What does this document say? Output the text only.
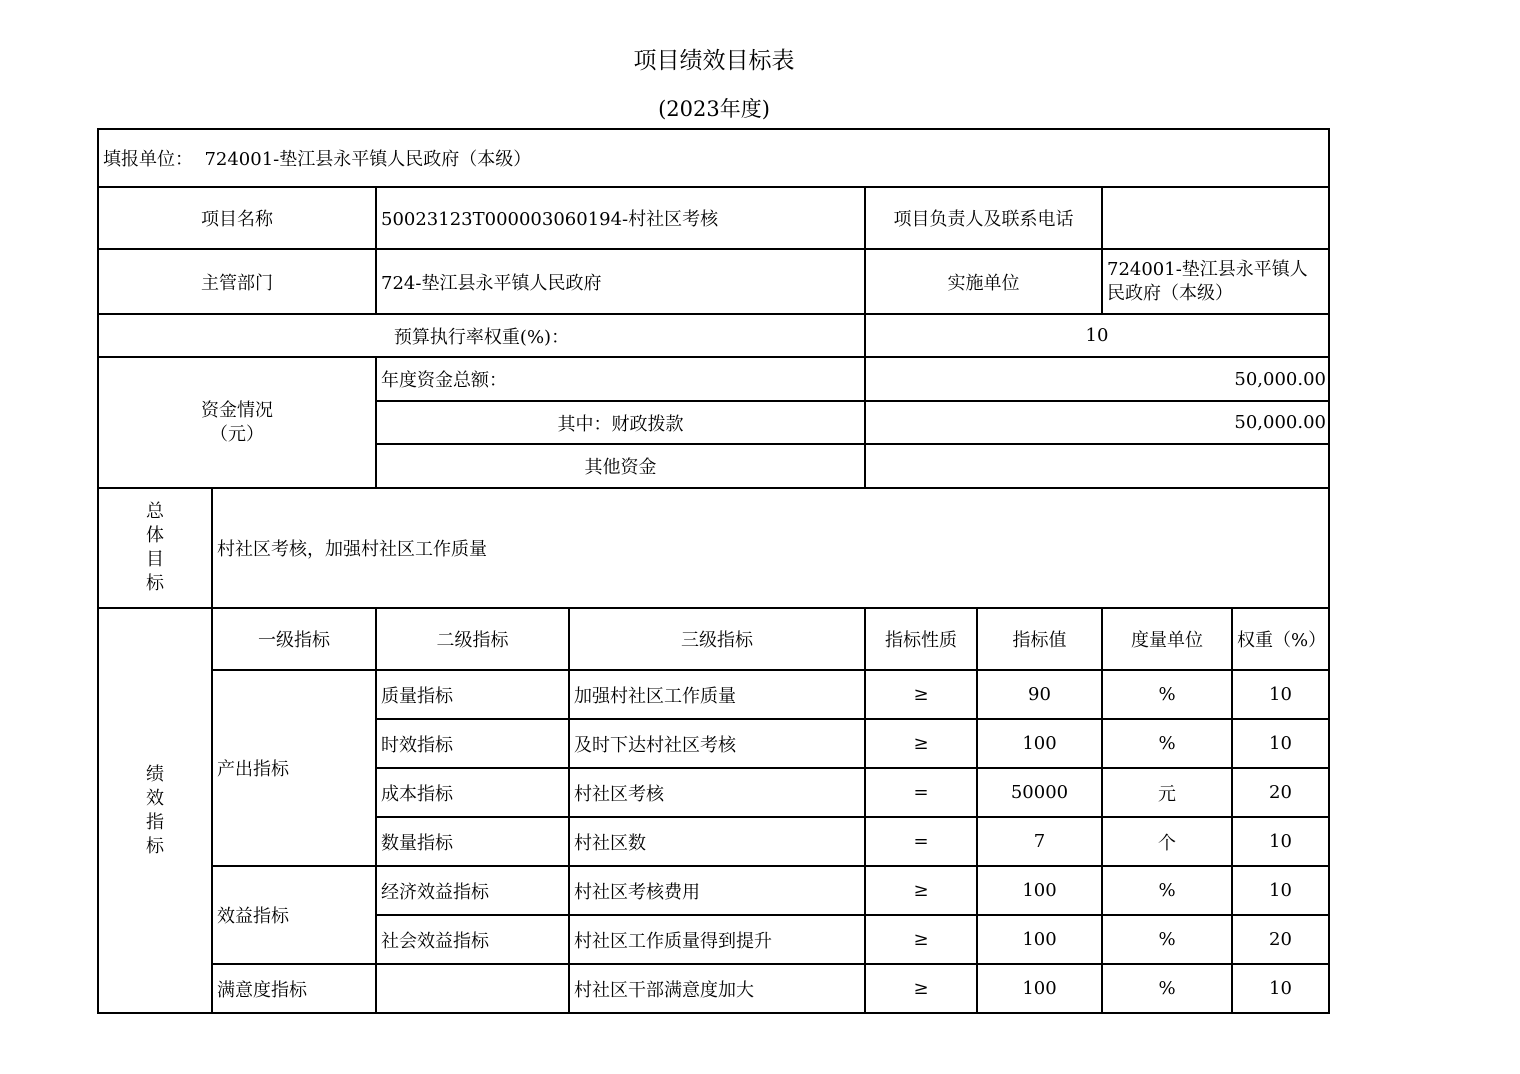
项目绩效目标表
(2023年度)
填报单位： 724001-垫江县永平镇人民政府（本级）							
项目名称		50023123T000003060194-村社区考核		项目负责人及联系电话			
主管部门		724-垫江县永平镇人民政府		实施单位		724001-垫江县永平镇人民政府（本级）	
预算执行率权重(%)：				10			

资金情况
（元）		年度资金总额：		50,000.00			
		其中：财政拨款		50,000.00			
		其他资金					

总
体
目
标	村社区考核，加强村社区工作质量						

绩
效
指
标	一级指标	二级指标	三级指标	指标性质	指标值	度量单位	权重（%）
	产出指标	质量指标	加强村社区工作质量	≥	90	%	10
		时效指标	及时下达村社区考核	≥	100	%	10
		成本指标	村社区考核	=	50000	元	20
		数量指标	村社区数	=	7	个	10
	效益指标	经济效益指标	村社区考核费用	≥	100	%	10
		社会效益指标	村社区工作质量得到提升	≥	100	%	20
	满意度指标		村社区干部满意度加大	≥	100	%	10
